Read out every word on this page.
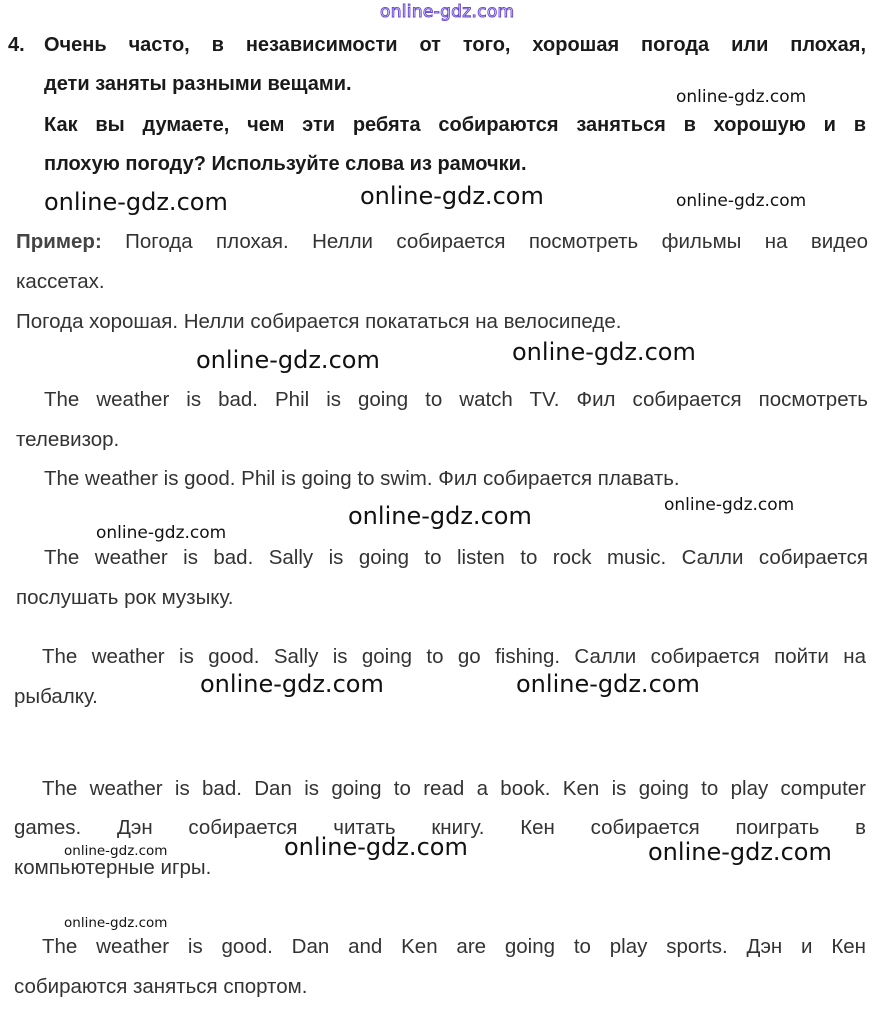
online-gdz.com
4. Очень часто, в независимости от того, хорошая погода или плохая,
дети заняты разными вещами.
Как вы думаете, чем эти ребята собираются заняться в хорошую и в
плохую погоду? Используйте слова из рамочки.
Пример: Погода плохая. Нелли собирается посмотреть фильмы на видео
кассетах.
Погода хорошая. Нелли собирается покататься на велосипеде.
The weather is bad. Phil is going to watch TV. Фил собирается посмотреть
телевизор.
The weather is good. Phil is going to swim. Фил собирается плавать.
The weather is bad. Sally is going to listen to rock music. Салли собирается
послушать рок музыку.
The weather is good. Sally is going to go fishing. Салли собирается пойти на
рыбалку.
The weather is bad. Dan is going to read a book. Ken is going to play computer
games. Дэн собирается читать книгу. Кен собирается поиграть в
компьютерные игры.
The weather is good. Dan and Ken are going to play sports. Дэн и Кен
собираются заняться спортом.
online-gdz.com
online-gdz.com	online-gdz.com	online-gdz.com
online-gdz.com	online-gdz.com
online-gdz.com
online-gdz.com
online-gdz.com
online-gdz.com	online-gdz.com
online-gdz.com	online-gdz.com	online-gdz.com
online-gdz.com
